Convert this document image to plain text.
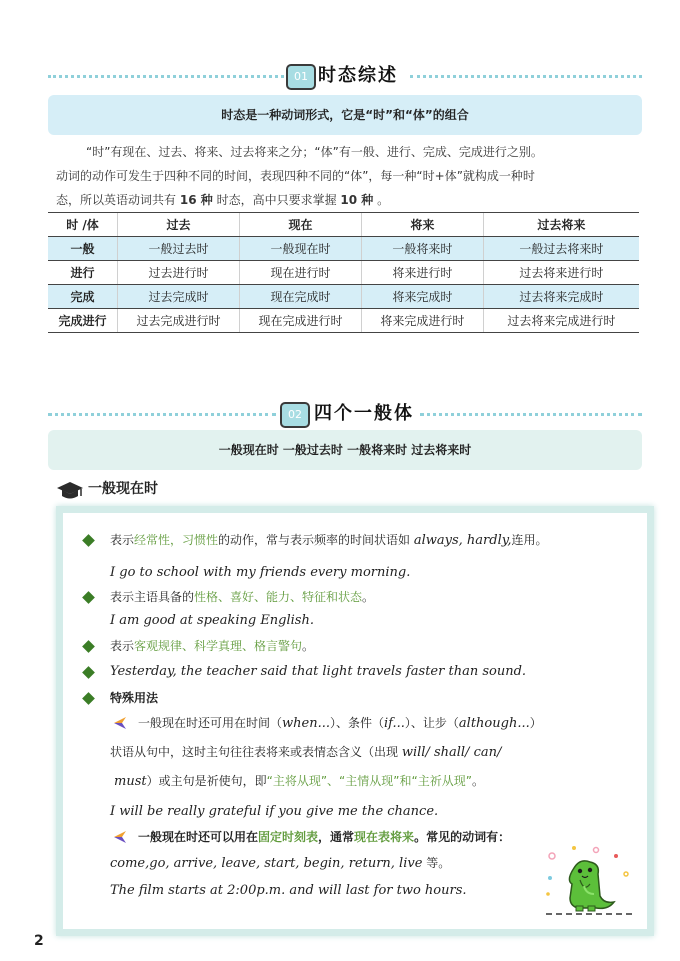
01 时态综述
时态是一种动词形式，它是“时”和“体”的组合
“时”有现在、过去、将来、过去将来之分；“体”有一般、进行、完成、完成进行之别。
动词的动作可发生于四种不同的时间，表现四种不同的“体”，每一种“时+体”就构成一种时
态，所以英语动词共有 16 种 时态，高中只要求掌握 10 种 。
时 /体	过去	现在	将来	过去将来
一般	一般过去时	一般现在时	一般将来时	一般过去将来时
进行	过去进行时	现在进行时	将来进行时	过去将来进行时
完成	过去完成时	现在完成时	将来完成时	过去将来完成时
完成进行	过去完成进行时	现在完成进行时	将来完成进行时	过去将来完成进行时
02 四个一般体
一般现在时 一般过去时 一般将来时 过去将来时
一般现在时
表示经常性，习惯性的动作，常与表示频率的时间状语如 always, hardly,连用。
I go to school with my friends every morning.
表示主语具备的性格、喜好、能力、特征和状态。
I am good at speaking English.
表示客观规律、科学真理、格言警句。
Yesterday, the teacher said that light travels faster than sound.
特殊用法
一般现在时还可用在时间（when...）、条件（if...）、让步（although...）
状语从句中，这时主句往往表将来或表情态含义（出现 will/ shall/ can/
must）或主句是祈使句，即“主将从现”、“主情从现”和“主祈从现”。
I will be really grateful if you give me the chance.
一般现在时还可以用在固定时刻表，通常现在表将来。常见的动词有：
come,go, arrive, leave, start, begin, return, live 等。
The film starts at 2:00p.m. and will last for two hours.
2
